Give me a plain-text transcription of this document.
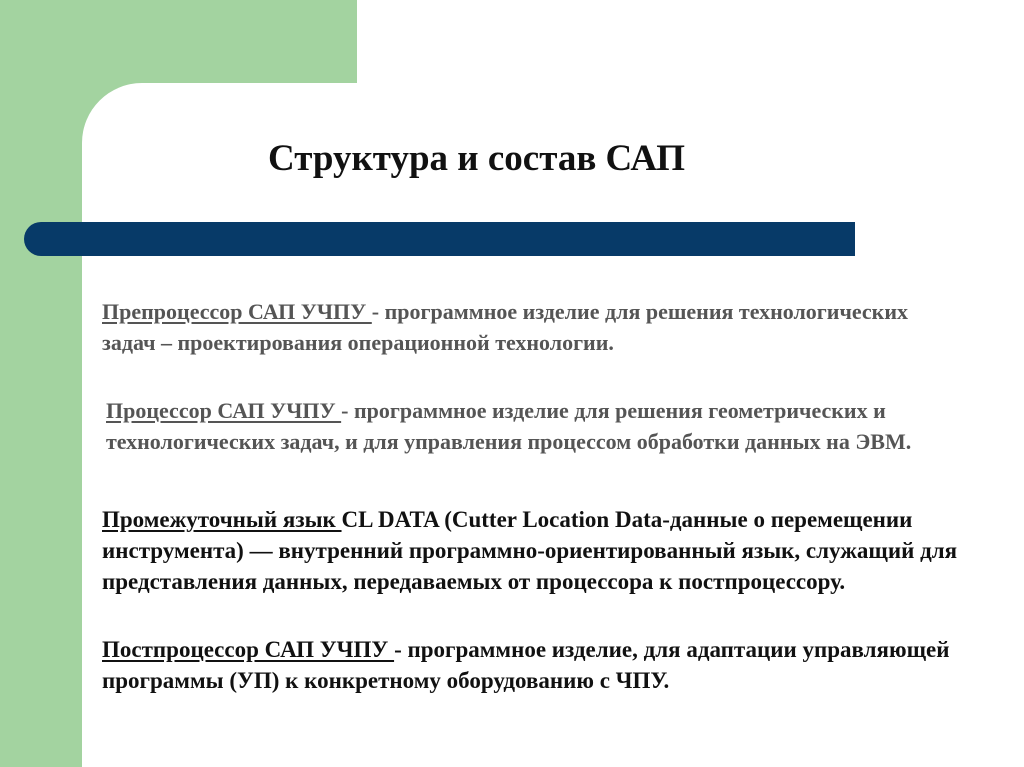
Структура и состав САП

Препроцессор САП УЧПУ - программное изделие для решения технологических задач – проектирования операционной технологии.

Процессор САП УЧПУ - программное изделие для решения геометрических и технологических задач, и для управления процессом обработки данных на ЭВМ.

Промежуточный язык CL DATA (Cutter Location Data-данные о перемещении инструмента) — внутренний программно-ориентированный язык, служащий для представления данных, передаваемых от процессора к постпроцессору.

Постпроцессор САП УЧПУ - программное изделие, для адаптации управляющей программы (УП) к конкретному оборудованию с ЧПУ.
